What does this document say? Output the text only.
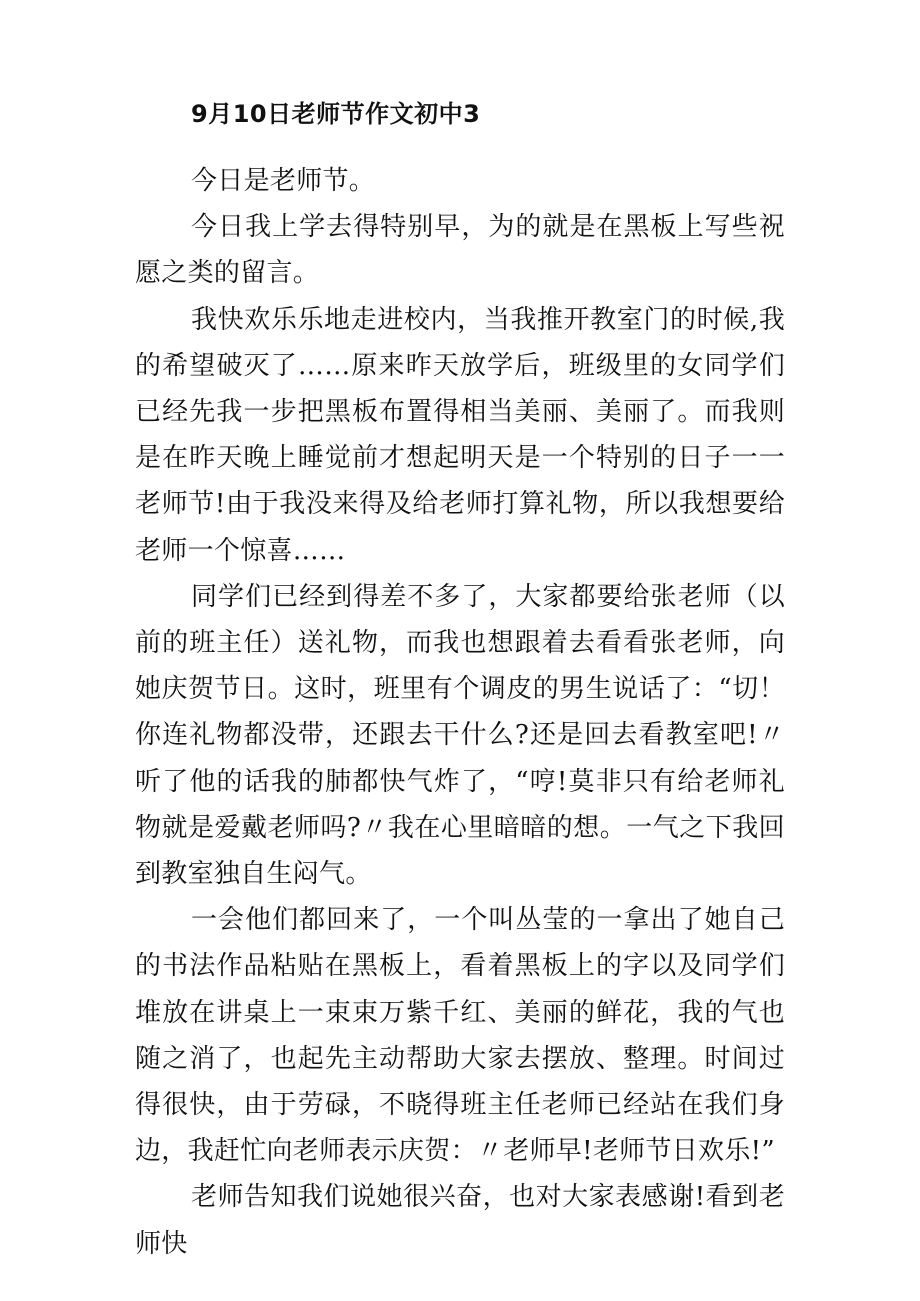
9月10日老师节作文初中3

今日是老师节。

今日我上学去得特别早，为的就是在黑板上写些祝愿之类的留言。

我快欢乐乐地走进校内，当我推开教室门的时候,我的希望破灭了……原来昨天放学后，班级里的女同学们已经先我一步把黑板布置得相当美丽、美丽了。而我则是在昨天晚上睡觉前才想起明天是一个特别的日子一一老师节!由于我没来得及给老师打算礼物，所以我想要给老师一个惊喜……

同学们已经到得差不多了，大家都要给张老师（以前的班主任）送礼物，而我也想跟着去看看张老师，向她庆贺节日。这时，班里有个调皮的男生说话了：“切！你连礼物都没带，还跟去干什么?还是回去看教室吧!〃听了他的话我的肺都快气炸了，“哼!莫非只有给老师礼物就是爱戴老师吗?〃我在心里暗暗的想。一气之下我回到教室独自生闷气。

一会他们都回来了，一个叫丛莹的一拿出了她自己的书法作品粘贴在黑板上，看着黑板上的字以及同学们堆放在讲桌上一束束万紫千红、美丽的鲜花，我的气也随之消了，也起先主动帮助大家去摆放、整理。时间过得很快，由于劳碌，不晓得班主任老师已经站在我们身边，我赶忙向老师表示庆贺：〃老师早!老师节日欢乐!”

老师告知我们说她很兴奋，也对大家表感谢!看到老师快
